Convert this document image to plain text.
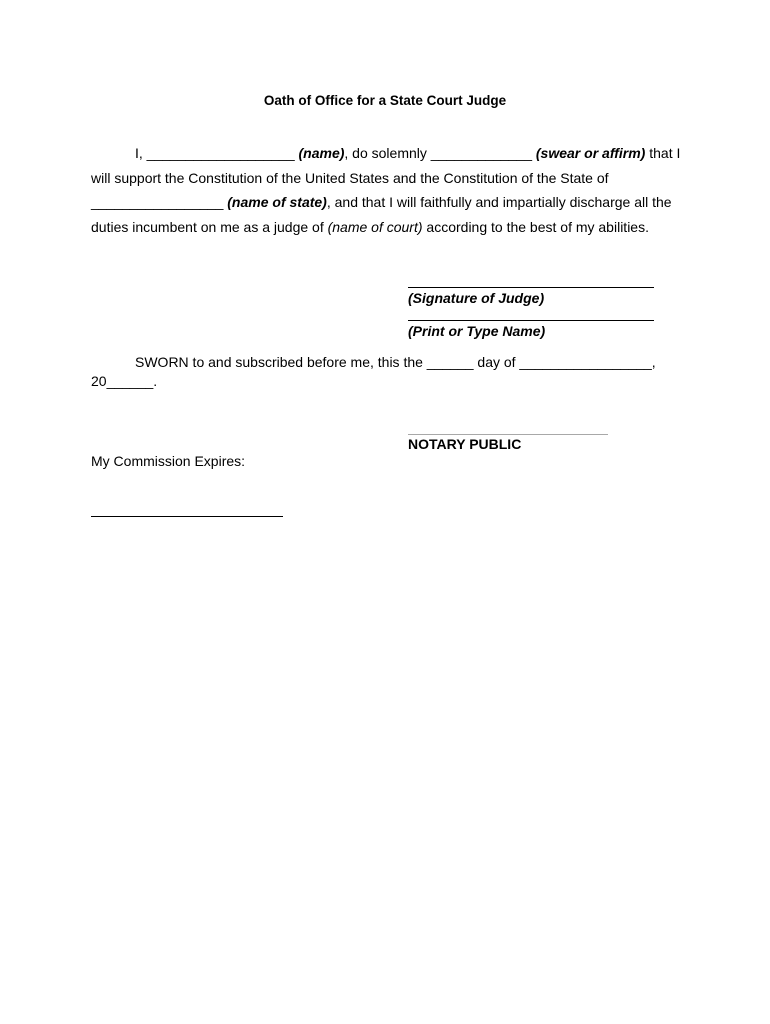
Oath of Office for a State Court Judge
I, ___________________ (name), do solemnly _____________ (swear or affirm) that I will support the Constitution of the United States and the Constitution of the State of _________________ (name of state), and that I will faithfully and impartially discharge all the duties incumbent on me as a judge of (name of court) according to the best of my abilities.
(Signature of Judge)
(Print or Type Name)
SWORN to and subscribed before me, this the ______ day of _________________,
20______.
NOTARY PUBLIC
My Commission Expires:
